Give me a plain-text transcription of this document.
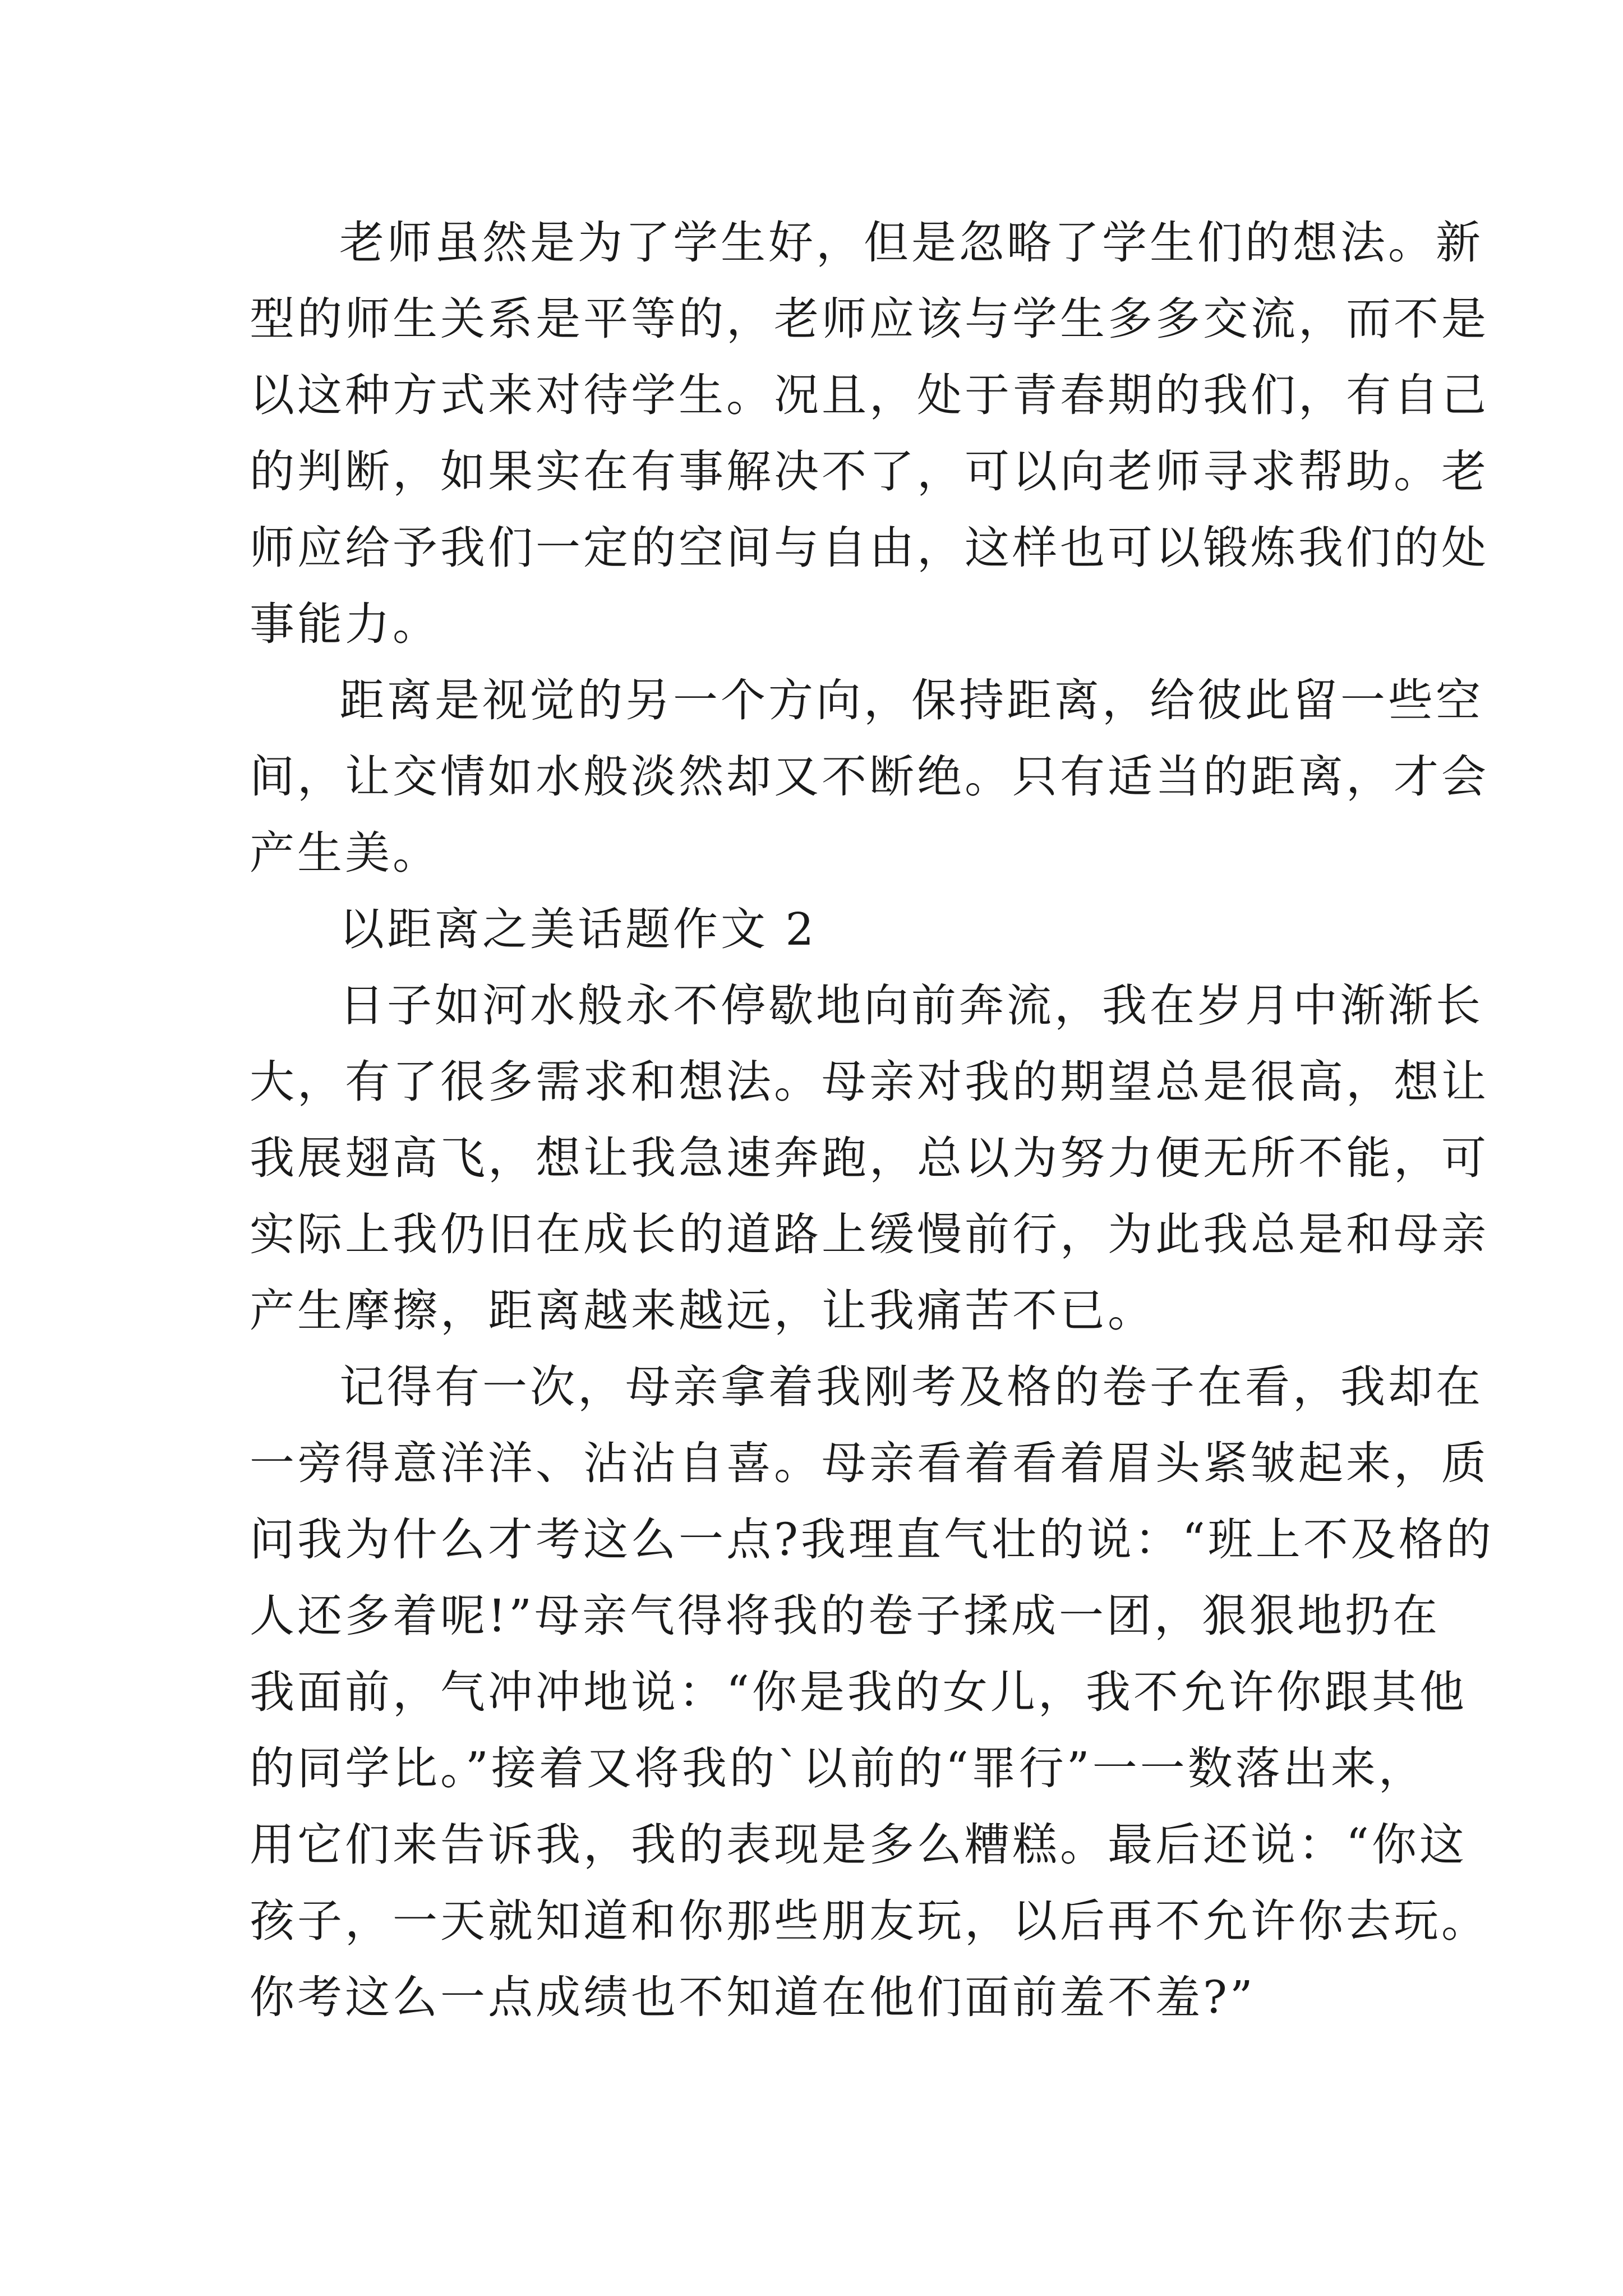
老师虽然是为了学生好，但是忽略了学生们的想法。新
型的师生关系是平等的，老师应该与学生多多交流，而不是
以这种方式来对待学生。况且，处于青春期的我们，有自己
的判断，如果实在有事解决不了，可以向老师寻求帮助。老
师应给予我们一定的空间与自由，这样也可以锻炼我们的处
事能力。
距离是视觉的另一个方向，保持距离，给彼此留一些空
间，让交情如水般淡然却又不断绝。只有适当的距离，才会
产生美。
以距离之美话题作文 2
日子如河水般永不停歇地向前奔流，我在岁月中渐渐长
大，有了很多需求和想法。母亲对我的期望总是很高，想让
我展翅高飞，想让我急速奔跑，总以为努力便无所不能，可
实际上我仍旧在成长的道路上缓慢前行，为此我总是和母亲
产生摩擦，距离越来越远，让我痛苦不已。
记得有一次，母亲拿着我刚考及格的卷子在看，我却在
一旁得意洋洋、沾沾自喜。母亲看着看着眉头紧皱起来，质
问我为什么才考这么一点?我理直气壮的说：“班上不及格的
人还多着呢!”母亲气得将我的卷子揉成一团，狠狠地扔在
我面前，气冲冲地说：“你是我的女儿，我不允许你跟其他
的同学比。”接着又将我的`以前的“罪行”一一数落出来，
用它们来告诉我，我的表现是多么糟糕。最后还说：“你这
孩子，一天就知道和你那些朋友玩，以后再不允许你去玩。
你考这么一点成绩也不知道在他们面前羞不羞?”
